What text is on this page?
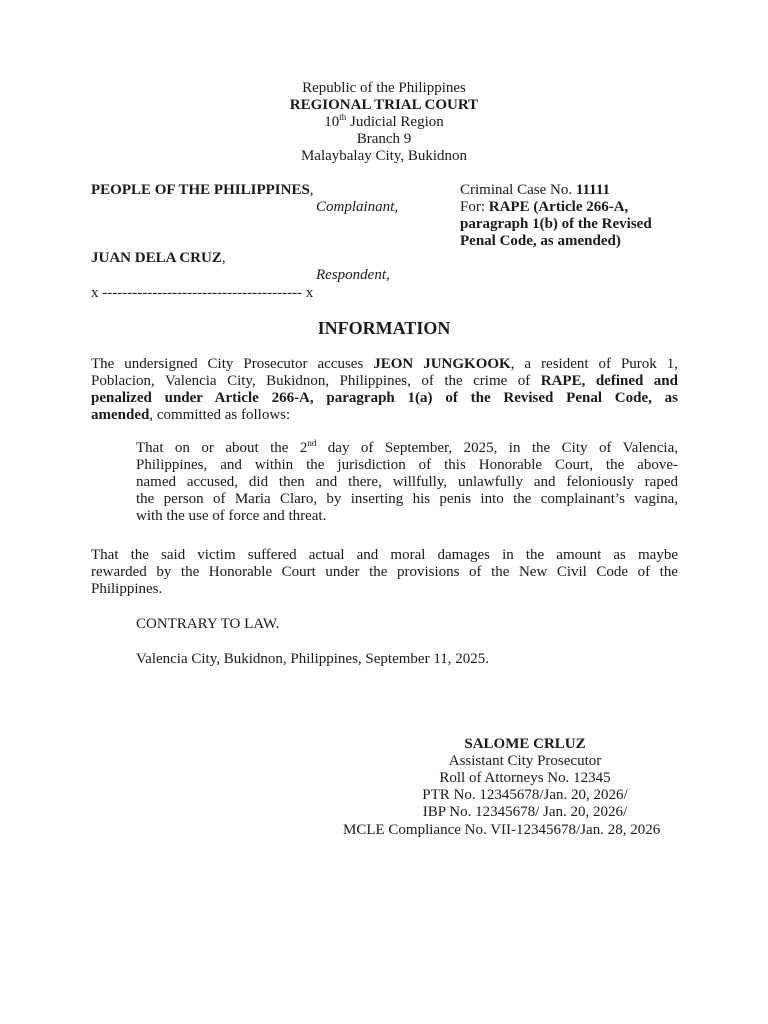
Republic of the Philippines
REGIONAL TRIAL COURT
10th Judicial Region
Branch 9
Malaybalay City, Bukidnon
PEOPLE OF THE PHILIPPINES,
Complainant,
JUAN DELA CRUZ,
Respondent,
x ---------------------------------------- x
Criminal Case No. 11111
For: RAPE (Article 266-A,
paragraph 1(b) of the Revised
Penal Code, as amended)
INFORMATION
The undersigned City Prosecutor accuses JEON JUNGKOOK, a resident of Purok 1,
Poblacion, Valencia City, Bukidnon, Philippines, of the crime of RAPE, defined and
penalized under Article 266-A, paragraph 1(a) of the Revised Penal Code, as
amended, committed as follows:
That on or about the 2nd day of September, 2025, in the City of Valencia,
Philippines, and within the jurisdiction of this Honorable Court, the above-
named accused, did then and there, willfully, unlawfully and feloniously raped
the person of Maria Claro, by inserting his penis into the complainant’s vagina,
with the use of force and threat.
That the said victim suffered actual and moral damages in the amount as maybe
rewarded by the Honorable Court under the provisions of the New Civil Code of the
Philippines.
CONTRARY TO LAW.
Valencia City, Bukidnon, Philippines, September 11, 2025.
SALOME CRLUZ
Assistant City Prosecutor
Roll of Attorneys No. 12345
PTR No. 12345678/Jan. 20, 2026/
IBP No. 12345678/ Jan. 20, 2026/
MCLE Compliance No. VII-12345678/Jan. 28, 2026
